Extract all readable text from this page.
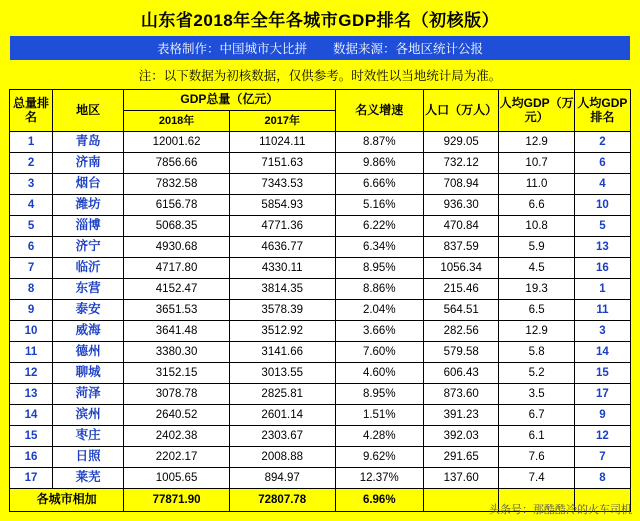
山东省2018年全年各城市GDP排名（初核版）
表格制作：中国城市大比拼 数据来源：各地区统计公报
注：以下数据为初核数据，仅供参考。时效性以当地统计局为准。
总量排名	地区	GDP总量（亿元）		名义增速	人口（万人）	人均GDP（万元）	人均GDP排名
		2018年	2017年				
1	青岛	12001.62	11024.11	8.87%	929.05	12.9	2
2	济南	7856.66	7151.63	9.86%	732.12	10.7	6
3	烟台	7832.58	7343.53	6.66%	708.94	11.0	4
4	潍坊	6156.78	5854.93	5.16%	936.30	6.6	10
5	淄博	5068.35	4771.36	6.22%	470.84	10.8	5
6	济宁	4930.68	4636.77	6.34%	837.59	5.9	13
7	临沂	4717.80	4330.11	8.95%	1056.34	4.5	16
8	东营	4152.47	3814.35	8.86%	215.46	19.3	1
9	泰安	3651.53	3578.39	2.04%	564.51	6.5	11
10	威海	3641.48	3512.92	3.66%	282.56	12.9	3
11	德州	3380.30	3141.66	7.60%	579.58	5.8	14
12	聊城	3152.15	3013.55	4.60%	606.43	5.2	15
13	菏泽	3078.78	2825.81	8.95%	873.60	3.5	17
14	滨州	2640.52	2601.14	1.51%	391.23	6.7	9
15	枣庄	2402.38	2303.67	4.28%	392.03	6.1	12
16	日照	2202.17	2008.88	9.62%	291.65	7.6	7
17	莱芜	1005.65	894.97	12.37%	137.60	7.4	8
各城市相加		77871.90	72807.78	6.96%			
头条号：那酷酷冷的火车司机
